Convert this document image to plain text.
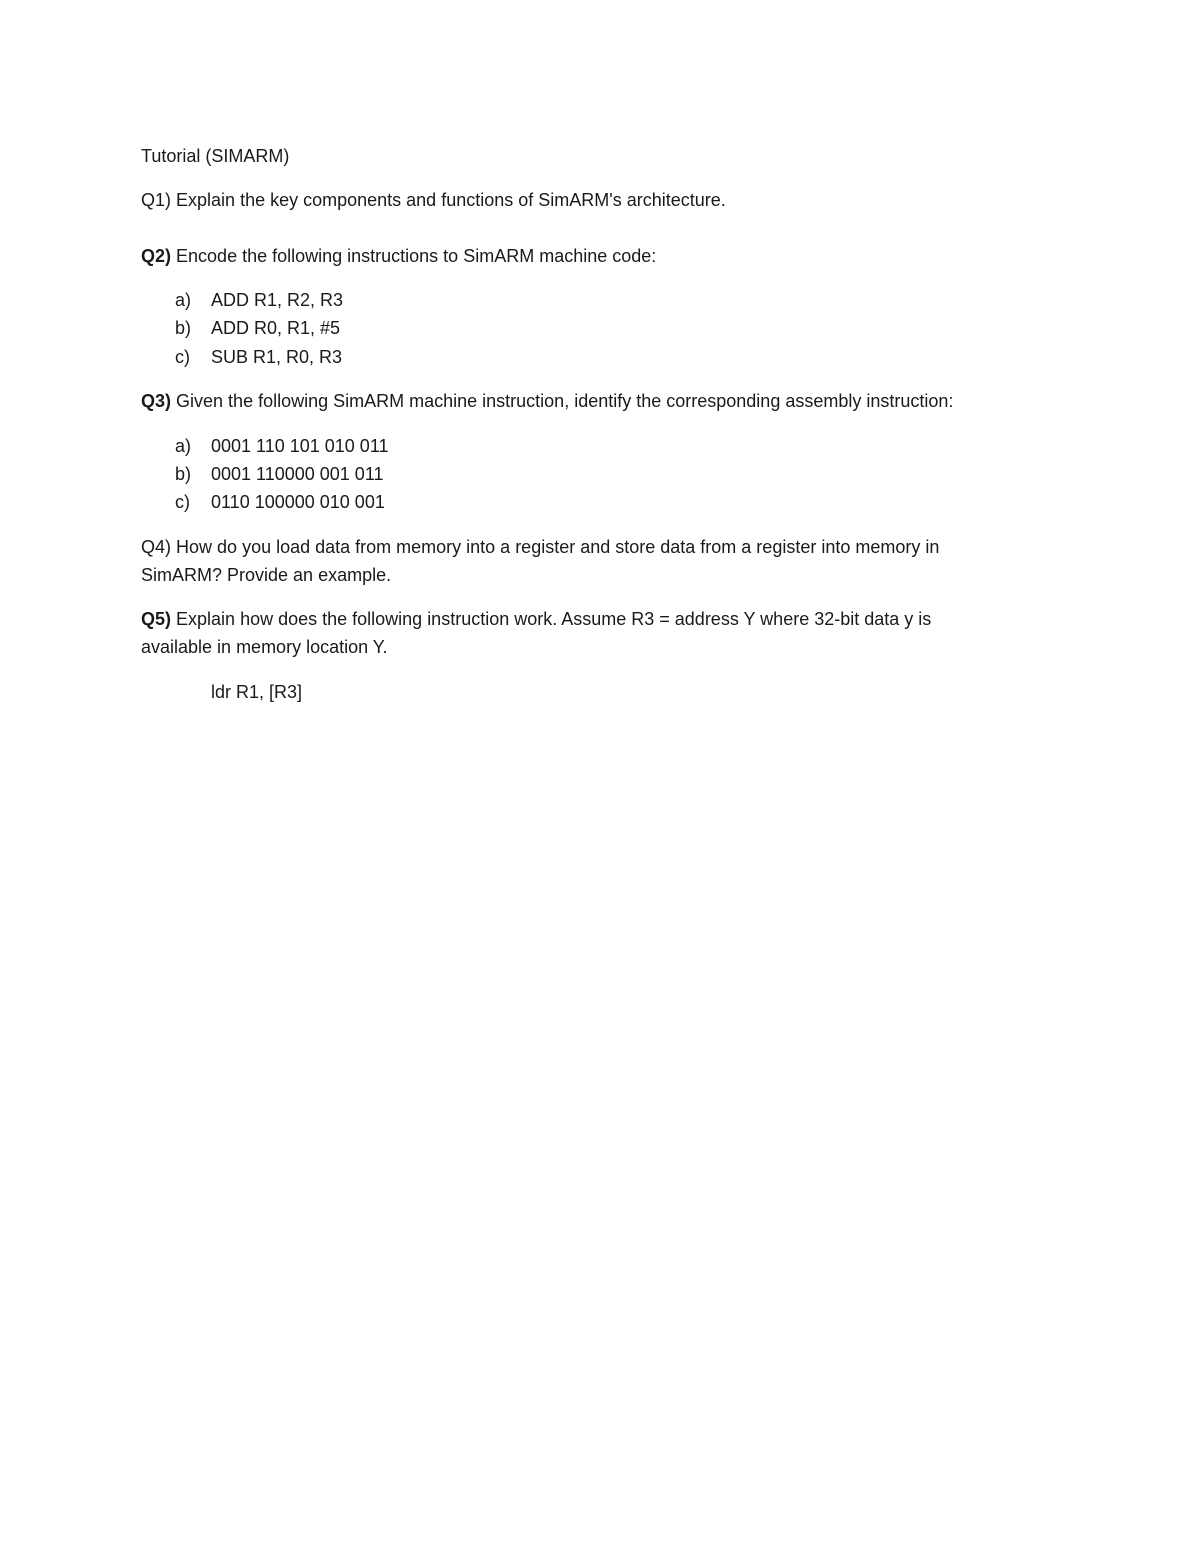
Tutorial (SIMARM)
Q1) Explain the key components and functions of SimARM's architecture.
Q2) Encode the following instructions to SimARM machine code:
a)	ADD R1, R2, R3
b)	ADD R0, R1, #5
c)	SUB R1, R0, R3
Q3) Given the following SimARM machine instruction, identify the corresponding assembly instruction:
a)	0001 110 101 010 011
b)	0001 110000 001 011
c)	0110 100000 010 001
Q4) How do you load data from memory into a register and store data from a register into memory in
SimARM? Provide an example.
Q5) Explain how does the following instruction work. Assume R3 = address Y where 32-bit data y is
available in memory location Y.
ldr R1, [R3]
